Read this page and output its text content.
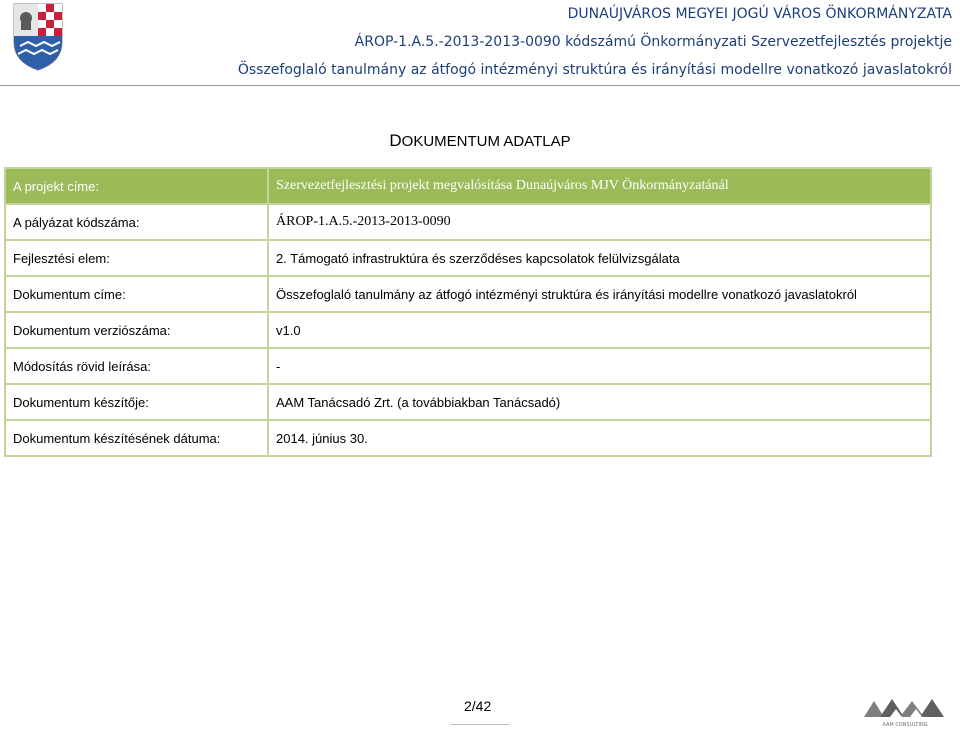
DUNAÚJVÁROS MEGYEI JOGÚ VÁROS ÖNKORMÁNYZATA
ÁROP-1.A.5.-2013-2013-0090 kódszámú Önkormányzati Szervezetfejlesztés projektje
Összefoglaló tanulmány az átfogó intézményi struktúra és irányítási modellre vonatkozó javaslatokról
DOKUMENTUM ADATLAP
A projekt címe:	Szervezetfejlesztési projekt megvalósítása Dunaújváros MJV Önkormányzatánál
A pályázat kódszáma:	ÁROP-1.A.5.-2013-2013-0090
Fejlesztési elem:	2. Támogató infrastruktúra és szerződéses kapcsolatok felülvizsgálata
Dokumentum címe:	Összefoglaló tanulmány az átfogó intézményi struktúra és irányítási modellre vonatkozó javaslatokról
Dokumentum verziószáma:	v1.0
Módosítás rövid leírása:	-
Dokumentum készítője:	AAM Tanácsadó Zrt. (a továbbiakban Tanácsadó)
Dokumentum készítésének dátuma:	2014. június 30.
2/42
AAM CONSULTING
